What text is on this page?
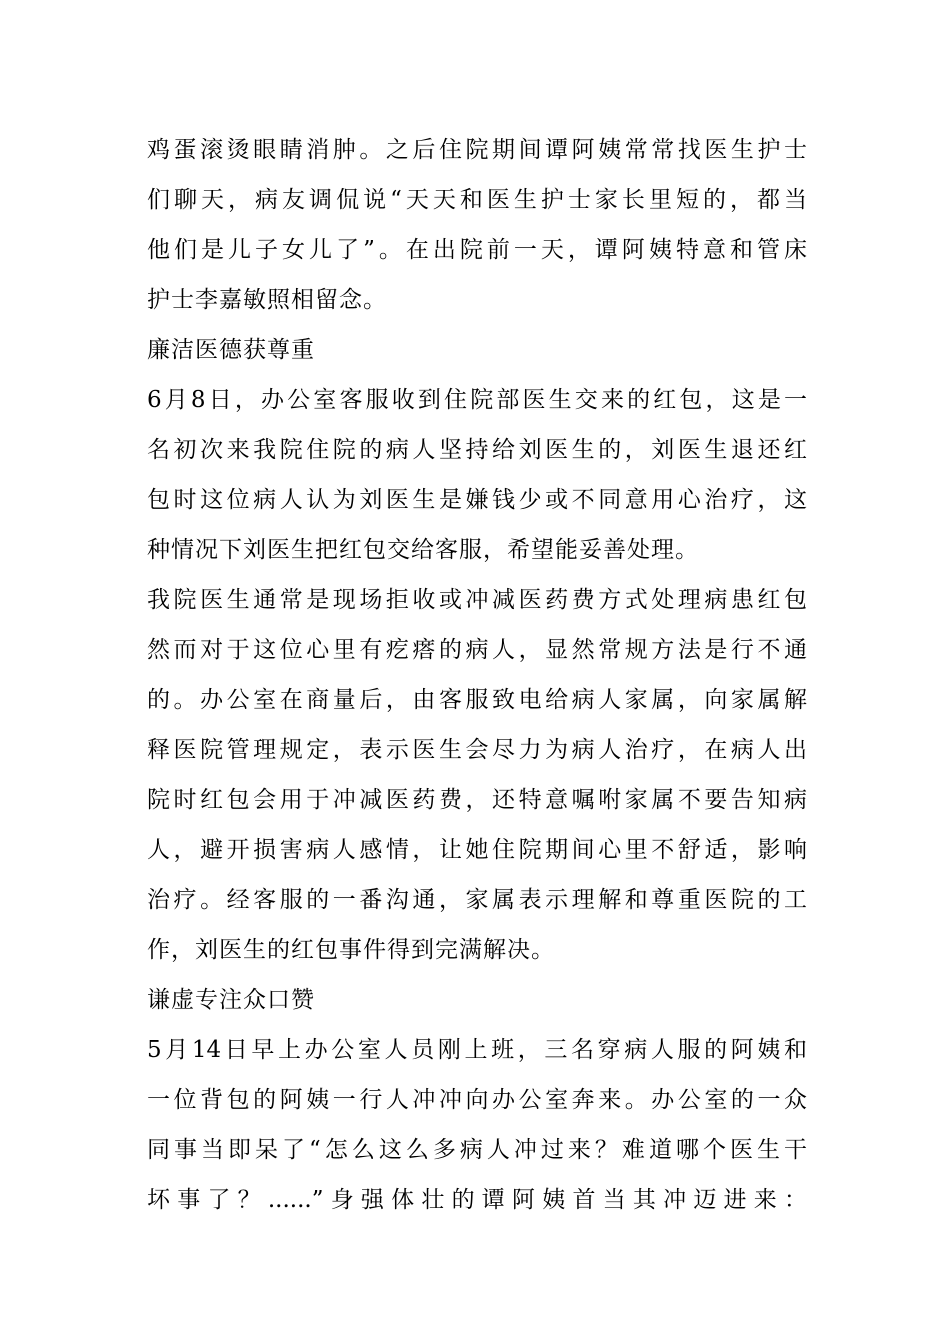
鸡蛋滚烫眼睛消肿。之后住院期间谭阿姨常常找医生护士
们聊天，病友调侃说“天天和医生护士家长里短的，都当
他们是儿子女儿了”。在出院前一天，谭阿姨特意和管床
护士李嘉敏照相留念。
廉洁医德获尊重
6月8日，办公室客服收到住院部医生交来的红包，这是一
名初次来我院住院的病人坚持给刘医生的，刘医生退还红
包时这位病人认为刘医生是嫌钱少或不同意用心治疗，这
种情况下刘医生把红包交给客服，希望能妥善处理。
我院医生通常是现场拒收或冲减医药费方式处理病患红包
然而对于这位心里有疙瘩的病人，显然常规方法是行不通
的。办公室在商量后，由客服致电给病人家属，向家属解
释医院管理规定，表示医生会尽力为病人治疗，在病人出
院时红包会用于冲减医药费，还特意嘱咐家属不要告知病
人，避开损害病人感情，让她住院期间心里不舒适，影响
治疗。经客服的一番沟通，家属表示理解和尊重医院的工
作，刘医生的红包事件得到完满解决。
谦虚专注众口赞
5月14日早上办公室人员刚上班，三名穿病人服的阿姨和
一位背包的阿姨一行人冲冲向办公室奔来。办公室的一众
同事当即呆了“怎么这么多病人冲过来？难道哪个医生干
坏事了？......”身强体壮的谭阿姨首当其冲迈进来：
